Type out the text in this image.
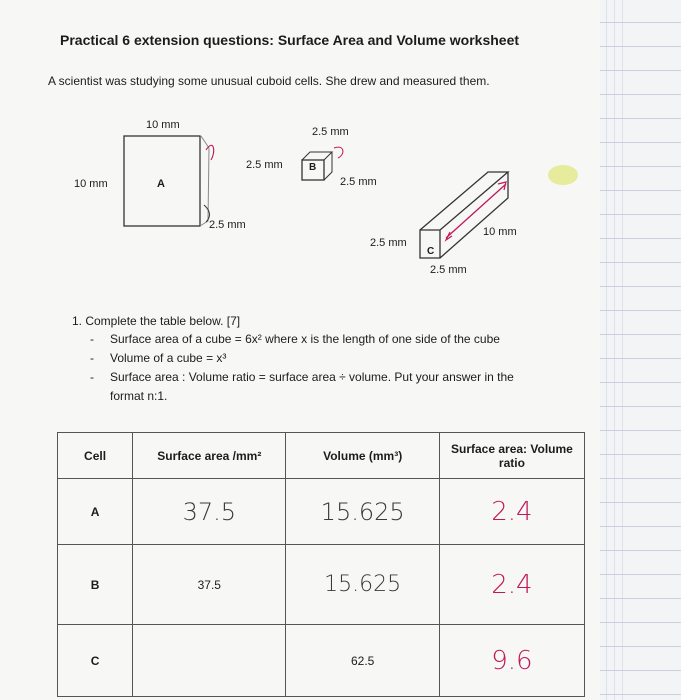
Practical 6 extension questions: Surface Area and Volume worksheet
A scientist was studying some unusual cuboid cells. She drew and measured them.
10 mm
10 mm	A
2.5 mm
2.5 mm
2.5 mm	B
2.5 mm
2.5 mm
C
2.5 mm
10 mm
1. Complete the table below. [7]
- Surface area of a cube = 6x² where x is the length of one side of the cube
- Volume of a cube = x³
- Surface area : Volume ratio = surface area ÷ volume. Put your answer in the format n:1.
Cell	Surface area /mm²	Volume (mm³)	Surface area: Volume ratio
A	37.5	15.625	2.4
B	37.5	15.625	2.4
C		62.5	9.6
